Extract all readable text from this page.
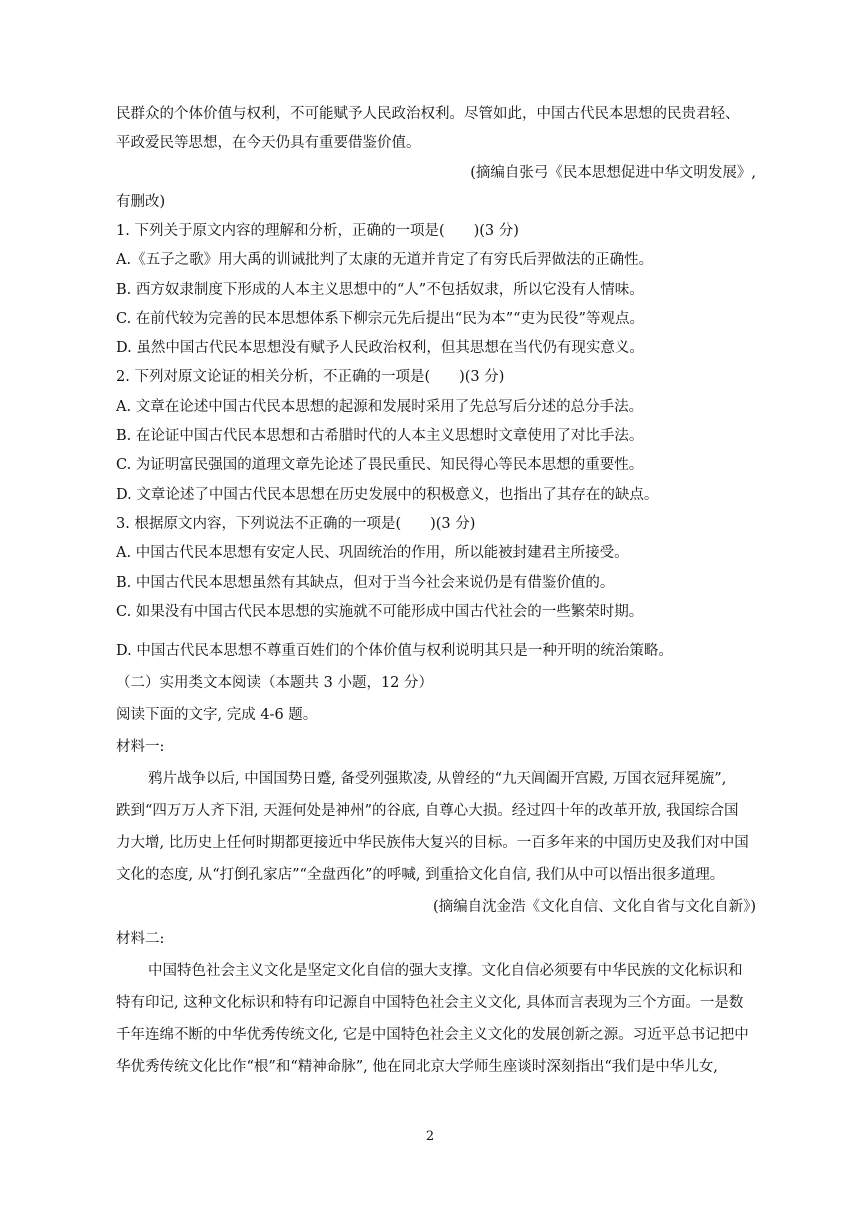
民群众的个体价值与权利，不可能赋予人民政治权利。尽管如此，中国古代民本思想的民贵君轻、
平政爱民等思想，在今天仍具有重要借鉴价值。
(摘编自张弓《民本思想促进中华文明发展》,
有删改)
1. 下列关于原文内容的理解和分析，正确的一项是(　　)(3 分)
A.《五子之歌》用大禹的训诫批判了太康的无道并肯定了有穷氏后羿做法的正确性。
B. 西方奴隶制度下形成的人本主义思想中的“人”不包括奴隶，所以它没有人情味。
C. 在前代较为完善的民本思想体系下柳宗元先后提出“民为本”“吏为民役”等观点。
D. 虽然中国古代民本思想没有赋予人民政治权利，但其思想在当代仍有现实意义。
2. 下列对原文论证的相关分析，不正确的一项是(　　)(3 分)
A. 文章在论述中国古代民本思想的起源和发展时采用了先总写后分述的总分手法。
B. 在论证中国古代民本思想和古希腊时代的人本主义思想时文章使用了对比手法。
C. 为证明富民强国的道理文章先论述了畏民重民、知民得心等民本思想的重要性。
D. 文章论述了中国古代民本思想在历史发展中的积极意义，也指出了其存在的缺点。
3. 根据原文内容，下列说法不正确的一项是(　　)(3 分)
A. 中国古代民本思想有安定人民、巩固统治的作用，所以能被封建君主所接受。
B. 中国古代民本思想虽然有其缺点，但对于当今社会来说仍是有借鉴价值的。
C. 如果没有中国古代民本思想的实施就不可能形成中国古代社会的一些繁荣时期。
D. 中国古代民本思想不尊重百姓们的个体价值与权利说明其只是一种开明的统治策略。
（二）实用类文本阅读（本题共 3 小题，12 分）
阅读下面的文字, 完成 4-6 题。
材料一:
鸦片战争以后, 中国国势日蹙, 备受列强欺凌, 从曾经的“九天阊阖开宫殿, 万国衣冠拜冕旒”,
跌到“四万万人齐下泪, 天涯何处是神州”的谷底, 自尊心大损。经过四十年的改革开放, 我国综合国
力大增, 比历史上任何时期都更接近中华民族伟大复兴的目标。一百多年来的中国历史及我们对中国
文化的态度, 从“打倒孔家店”“全盘西化”的呼喊, 到重拾文化自信, 我们从中可以悟出很多道理。
(摘编自沈金浩《文化自信、文化自省与文化自新》)
材料二:
中国特色社会主义文化是坚定文化自信的强大支撑。文化自信必须要有中华民族的文化标识和
特有印记, 这种文化标识和特有印记源自中国特色社会主义文化, 具体而言表现为三个方面。一是数
千年连绵不断的中华优秀传统文化, 它是中国特色社会主义文化的发展创新之源。习近平总书记把中
华优秀传统文化比作“根”和“精神命脉”, 他在同北京大学师生座谈时深刻指出“我们是中华儿女,
2
